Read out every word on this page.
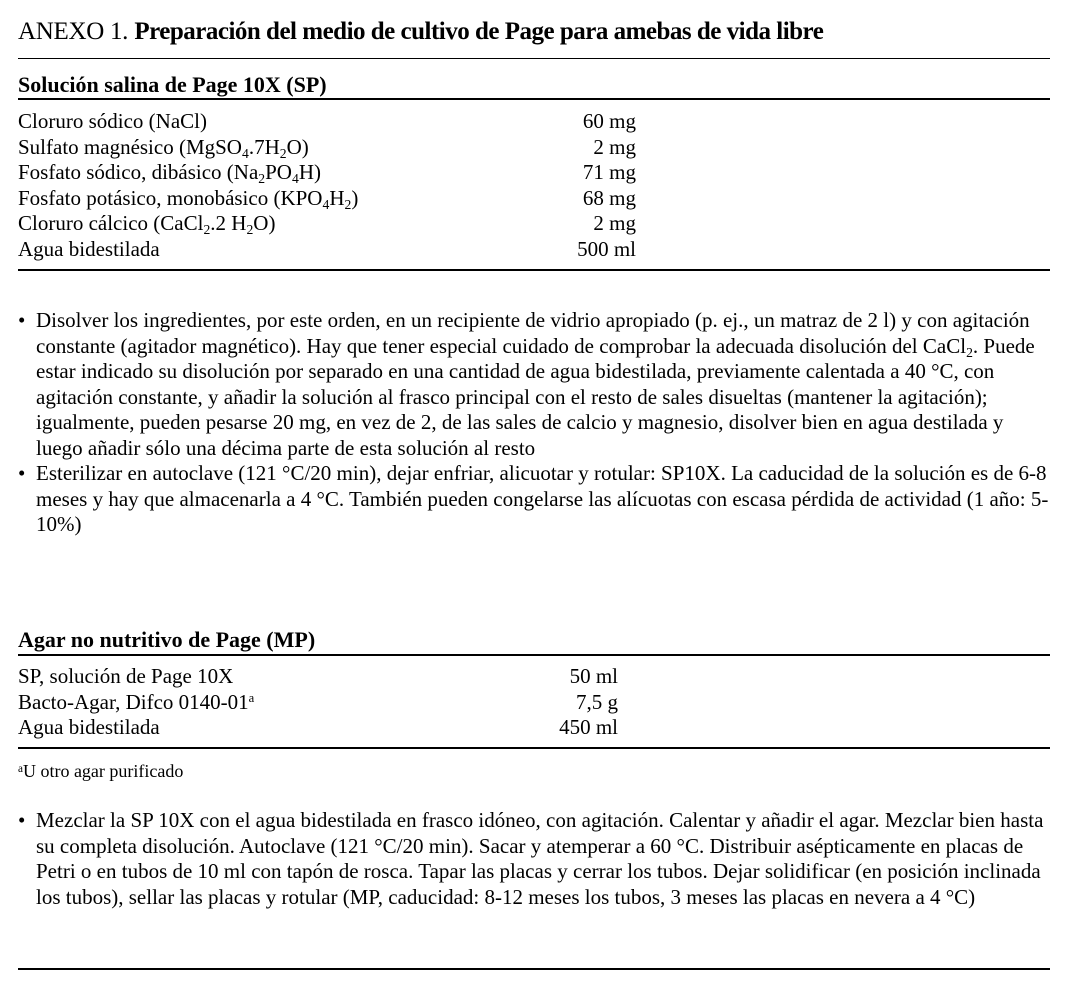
ANEXO 1. Preparación del medio de cultivo de Page para amebas de vida libre
Solución salina de Page 10X (SP)
Cloruro sódico (NaCl)	60 mg
Sulfato magnésico $(MgSO_4.7H_2O)$	2 mg
Fosfato sódico, dibásico $(Na_2PO_4H)$	71 mg
Fosfato potásico, monobásico $(KPO_4H_2)$	68 mg
Cloruro cálcico (CaCl$_2$.2 $H_2O$)	2 mg
Agua bidestilada	500 ml
• Disolver los ingredientes, por este orden, en un recipiente de vidrio apropiado (p. ej., un matraz de 2 l) y con agitación constante (agitador magnético). Hay que tener especial cuidado de comprobar la adecuada disolución del CaCl$_2$. Puede estar indicado su disolución por separado en una cantidad de agua bidestilada, previamente calentada a 40 °C, con agitación constante, y añadir la solución al frasco principal con el resto de sales disueltas (mantener la agitación); igualmente, pueden pesarse 20 mg, en vez de 2, de las sales de calcio y magnesio, disolver bien en agua destilada y luego añadir sólo una décima parte de esta solución al resto
• Esterilizar en autoclave (121 °C/20 min), dejar enfriar, alicuotar y rotular: SP10X. La caducidad de la solución es de 6-8 meses y hay que almacenarla a 4 °C. También pueden congelarse las alícuotas con escasa pérdida de actividad (1 año: 5-10%)
Agar no nutritivo de Page (MP)
SP, solución de Page 10X	50 ml
Bacto-Agar, Difco 0140-01$^a$	7,5 g
Agua bidestilada	450 ml
$^a$U otro agar purificado
• Mezclar la SP 10X con el agua bidestilada en frasco idóneo, con agitación. Calentar y añadir el agar. Mezclar bien hasta su completa disolución. Autoclave (121 °C/20 min). Sacar y atemperar a 60 °C. Distribuir asépticamente en placas de Petri o en tubos de 10 ml con tapón de rosca. Tapar las placas y cerrar los tubos. Dejar solidificar (en posición inclinada los tubos), sellar las placas y rotular (MP, caducidad: 8-12 meses los tubos, 3 meses las placas en nevera a 4 °C)
